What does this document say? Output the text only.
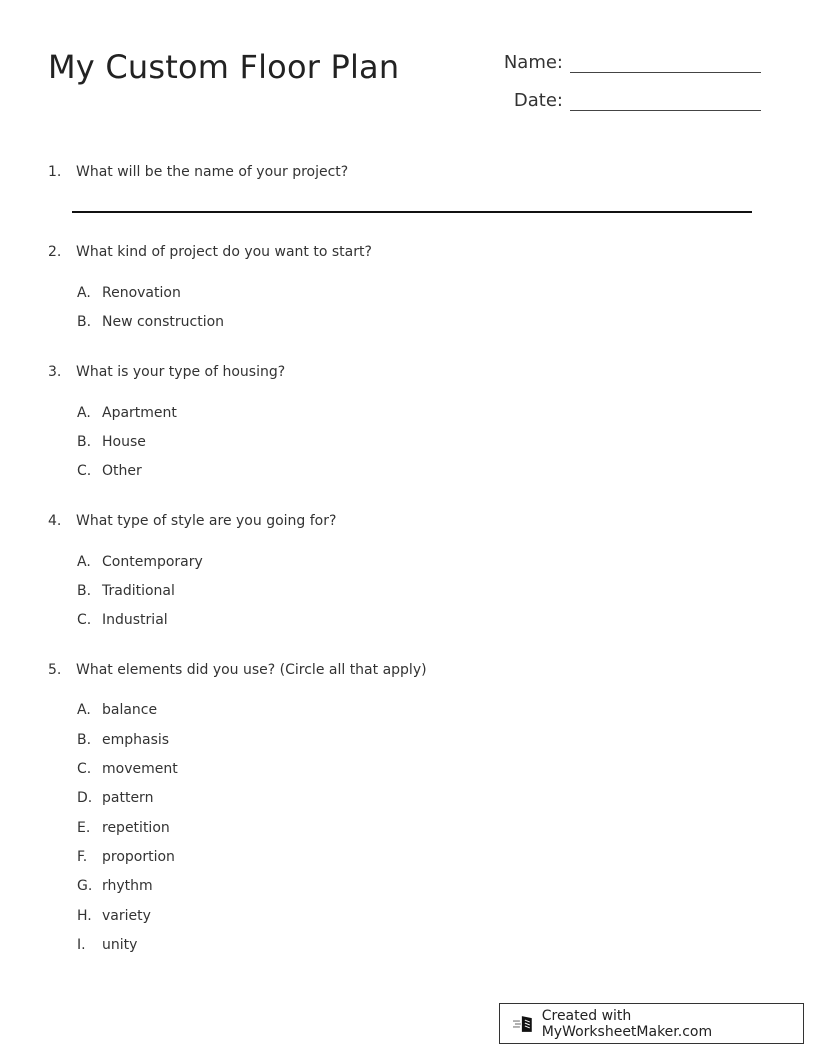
My Custom Floor Plan	Name:
Date:
1.	What will be the name of your project?
2.	What kind of project do you want to start?
A. Renovation
B. New construction
3.	What is your type of housing?
A. Apartment
B. House
C. Other
4.	What type of style are you going for?
A. Contemporary
B. Traditional
C. Industrial
5.	What elements did you use? (Circle all that apply)
A. balance
B. emphasis
C. movement
D. pattern
E. repetition
F.	proportion
G. rhythm
H. variety
I.	unity
Created with MyWorksheetMaker.com
